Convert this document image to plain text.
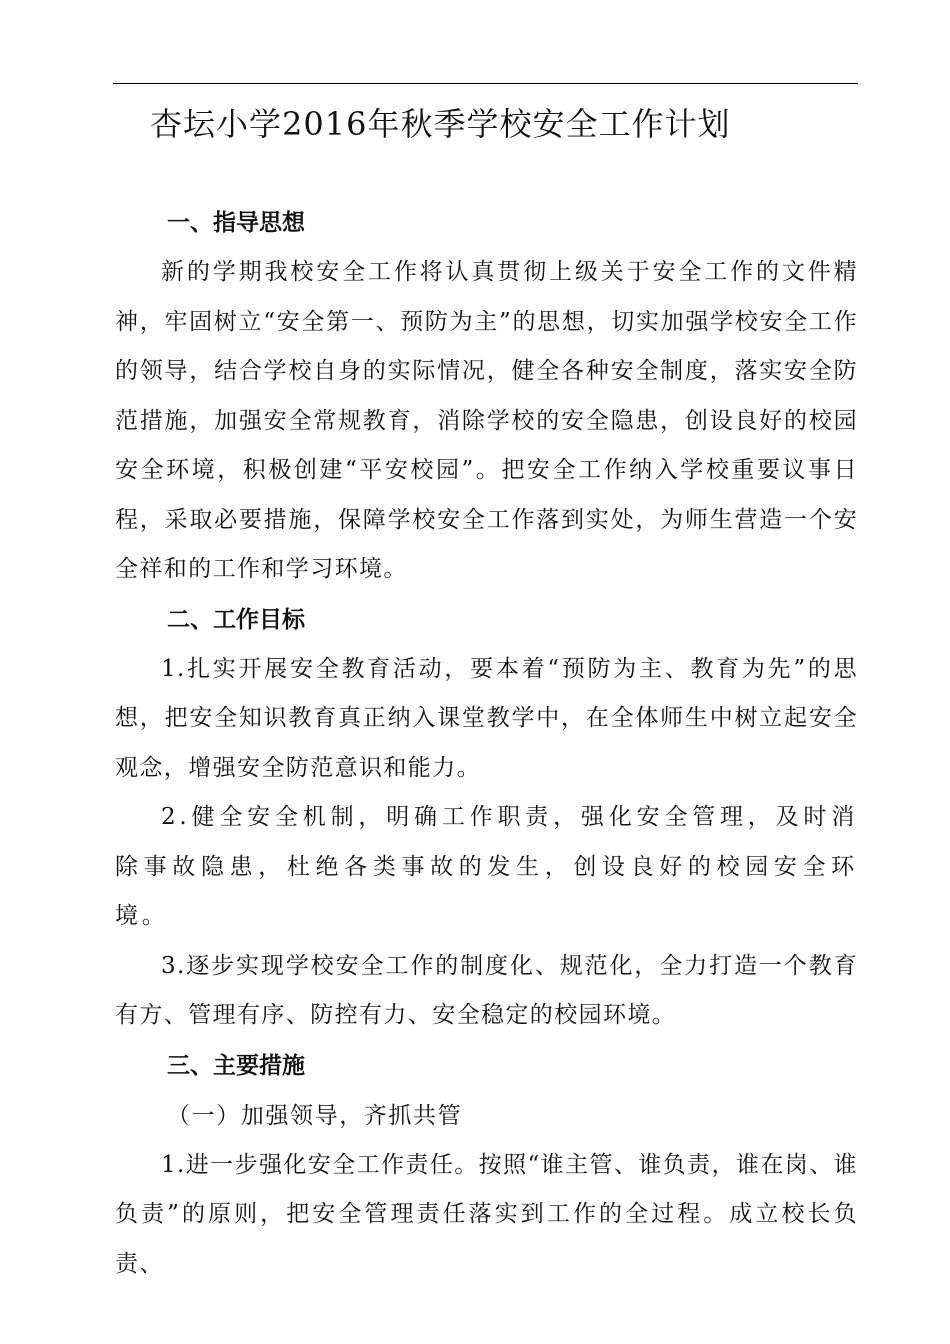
杏坛小学2016年秋季学校安全工作计划

一、指导思想

新的学期我校安全工作将认真贯彻上级关于安全工作的文件精神，牢固树立“安全第一、预防为主”的思想，切实加强学校安全工作的领导，结合学校自身的实际情况，健全各种安全制度，落实安全防范措施，加强安全常规教育，消除学校的安全隐患，创设良好的校园安全环境，积极创建“平安校园”。把安全工作纳入学校重要议事日程，采取必要措施，保障学校安全工作落到实处，为师生营造一个安全祥和的工作和学习环境。

二、工作目标

1.扎实开展安全教育活动，要本着“预防为主、教育为先”的思想，把安全知识教育真正纳入课堂教学中，在全体师生中树立起安全观念，增强安全防范意识和能力。

2.健全安全机制，明确工作职责，强化安全管理，及时消除事故隐患，杜绝各类事故的发生，创设良好的校园安全环境。

3.逐步实现学校安全工作的制度化、规范化，全力打造一个教育有方、管理有序、防控有力、安全稳定的校园环境。

三、主要措施

（一）加强领导，齐抓共管

1.进一步强化安全工作责任。按照“谁主管、谁负责，谁在岗、谁负责”的原则，把安全管理责任落实到工作的全过程。成立校长负责、
